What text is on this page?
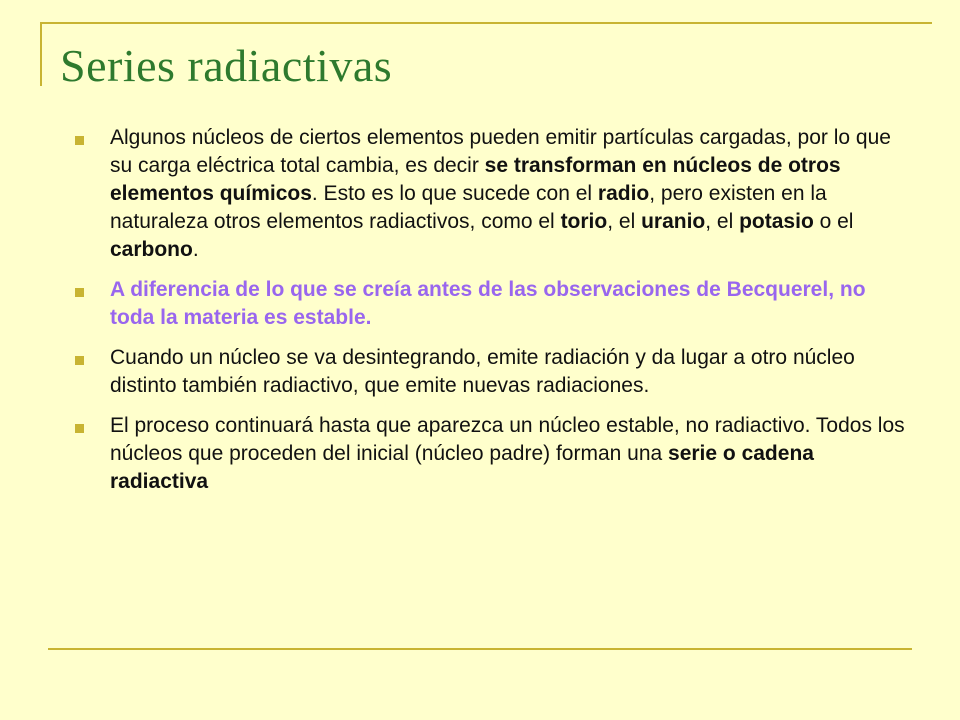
Series radiactivas
Algunos núcleos de ciertos elementos pueden emitir partículas cargadas, por lo que su carga eléctrica total cambia, es decir se transforman en núcleos de otros elementos químicos. Esto es lo que sucede con el radio, pero existen en la naturaleza otros elementos radiactivos, como el torio, el uranio, el potasio o el carbono.
A diferencia de lo que se creía antes de las observaciones de Becquerel, no toda la materia es estable.
Cuando un núcleo se va desintegrando, emite radiación y da lugar a otro núcleo distinto también radiactivo, que emite nuevas radiaciones.
El proceso continuará hasta que aparezca un núcleo estable, no radiactivo. Todos los núcleos que proceden del inicial (núcleo padre) forman una serie o cadena radiactiva
